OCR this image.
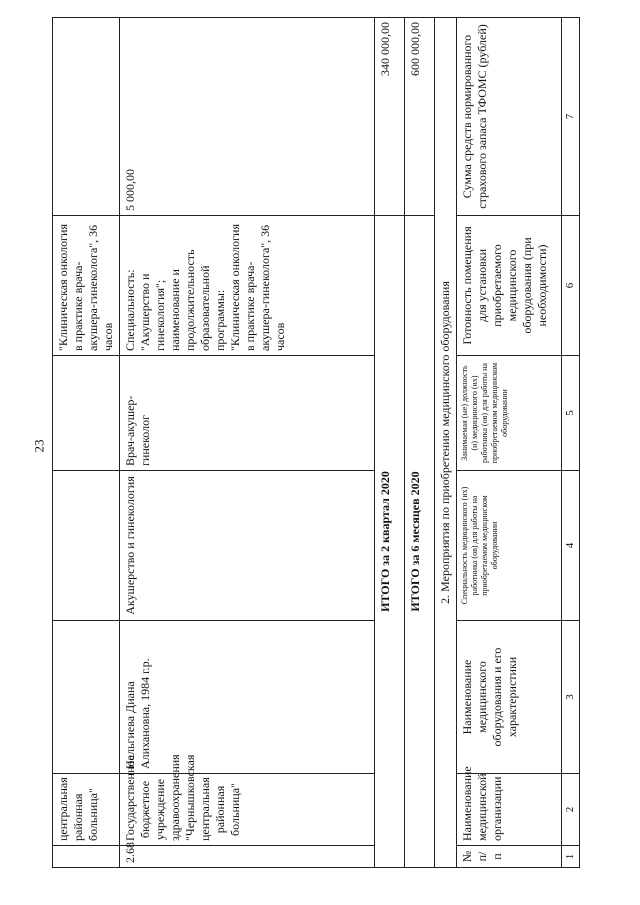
23
	центральная районная больница"				"Клиническая онкология в практике врача-акушера-гинеколога", 36 часов	
2.68	Государственное бюджетное учреждение здравоохранения "Чернышковская центральная районная больница"	Нальгиева Диана Алихановна, 1984 г.р.	Акушерство и гинекология	Врач-акушер-гинеколог	Специальность: "Акушерство и гинекология"; наименование и продолжительность образовательной программы: "Клиническая онкология в практике врача-акушера-гинеколога", 36 часов	5 000,00
ИТОГО за 2 квартал 2020						340 000,00
ИТОГО за 6 месяцев 2020						600 000,00
2. Мероприятия по приобретению медицинского оборудования						
№ п/п	Наименование медицинской организации	Наименование медицинского оборудования и его характеристики	Специальность медицинского (их) работника (ов) для работы на приобретаемом медицинском оборудовании	Занимаемая (ые) должность (и) медицинского (их) работника (ов) для работы на приобретаемом медицинском оборудовании	Готовность помещения для установки приобретаемого медицинского оборудования (при необходимости)	Сумма средств нормированного страхового запаса ТФОМС (рублей)
1	2	3	4	5	6	7
